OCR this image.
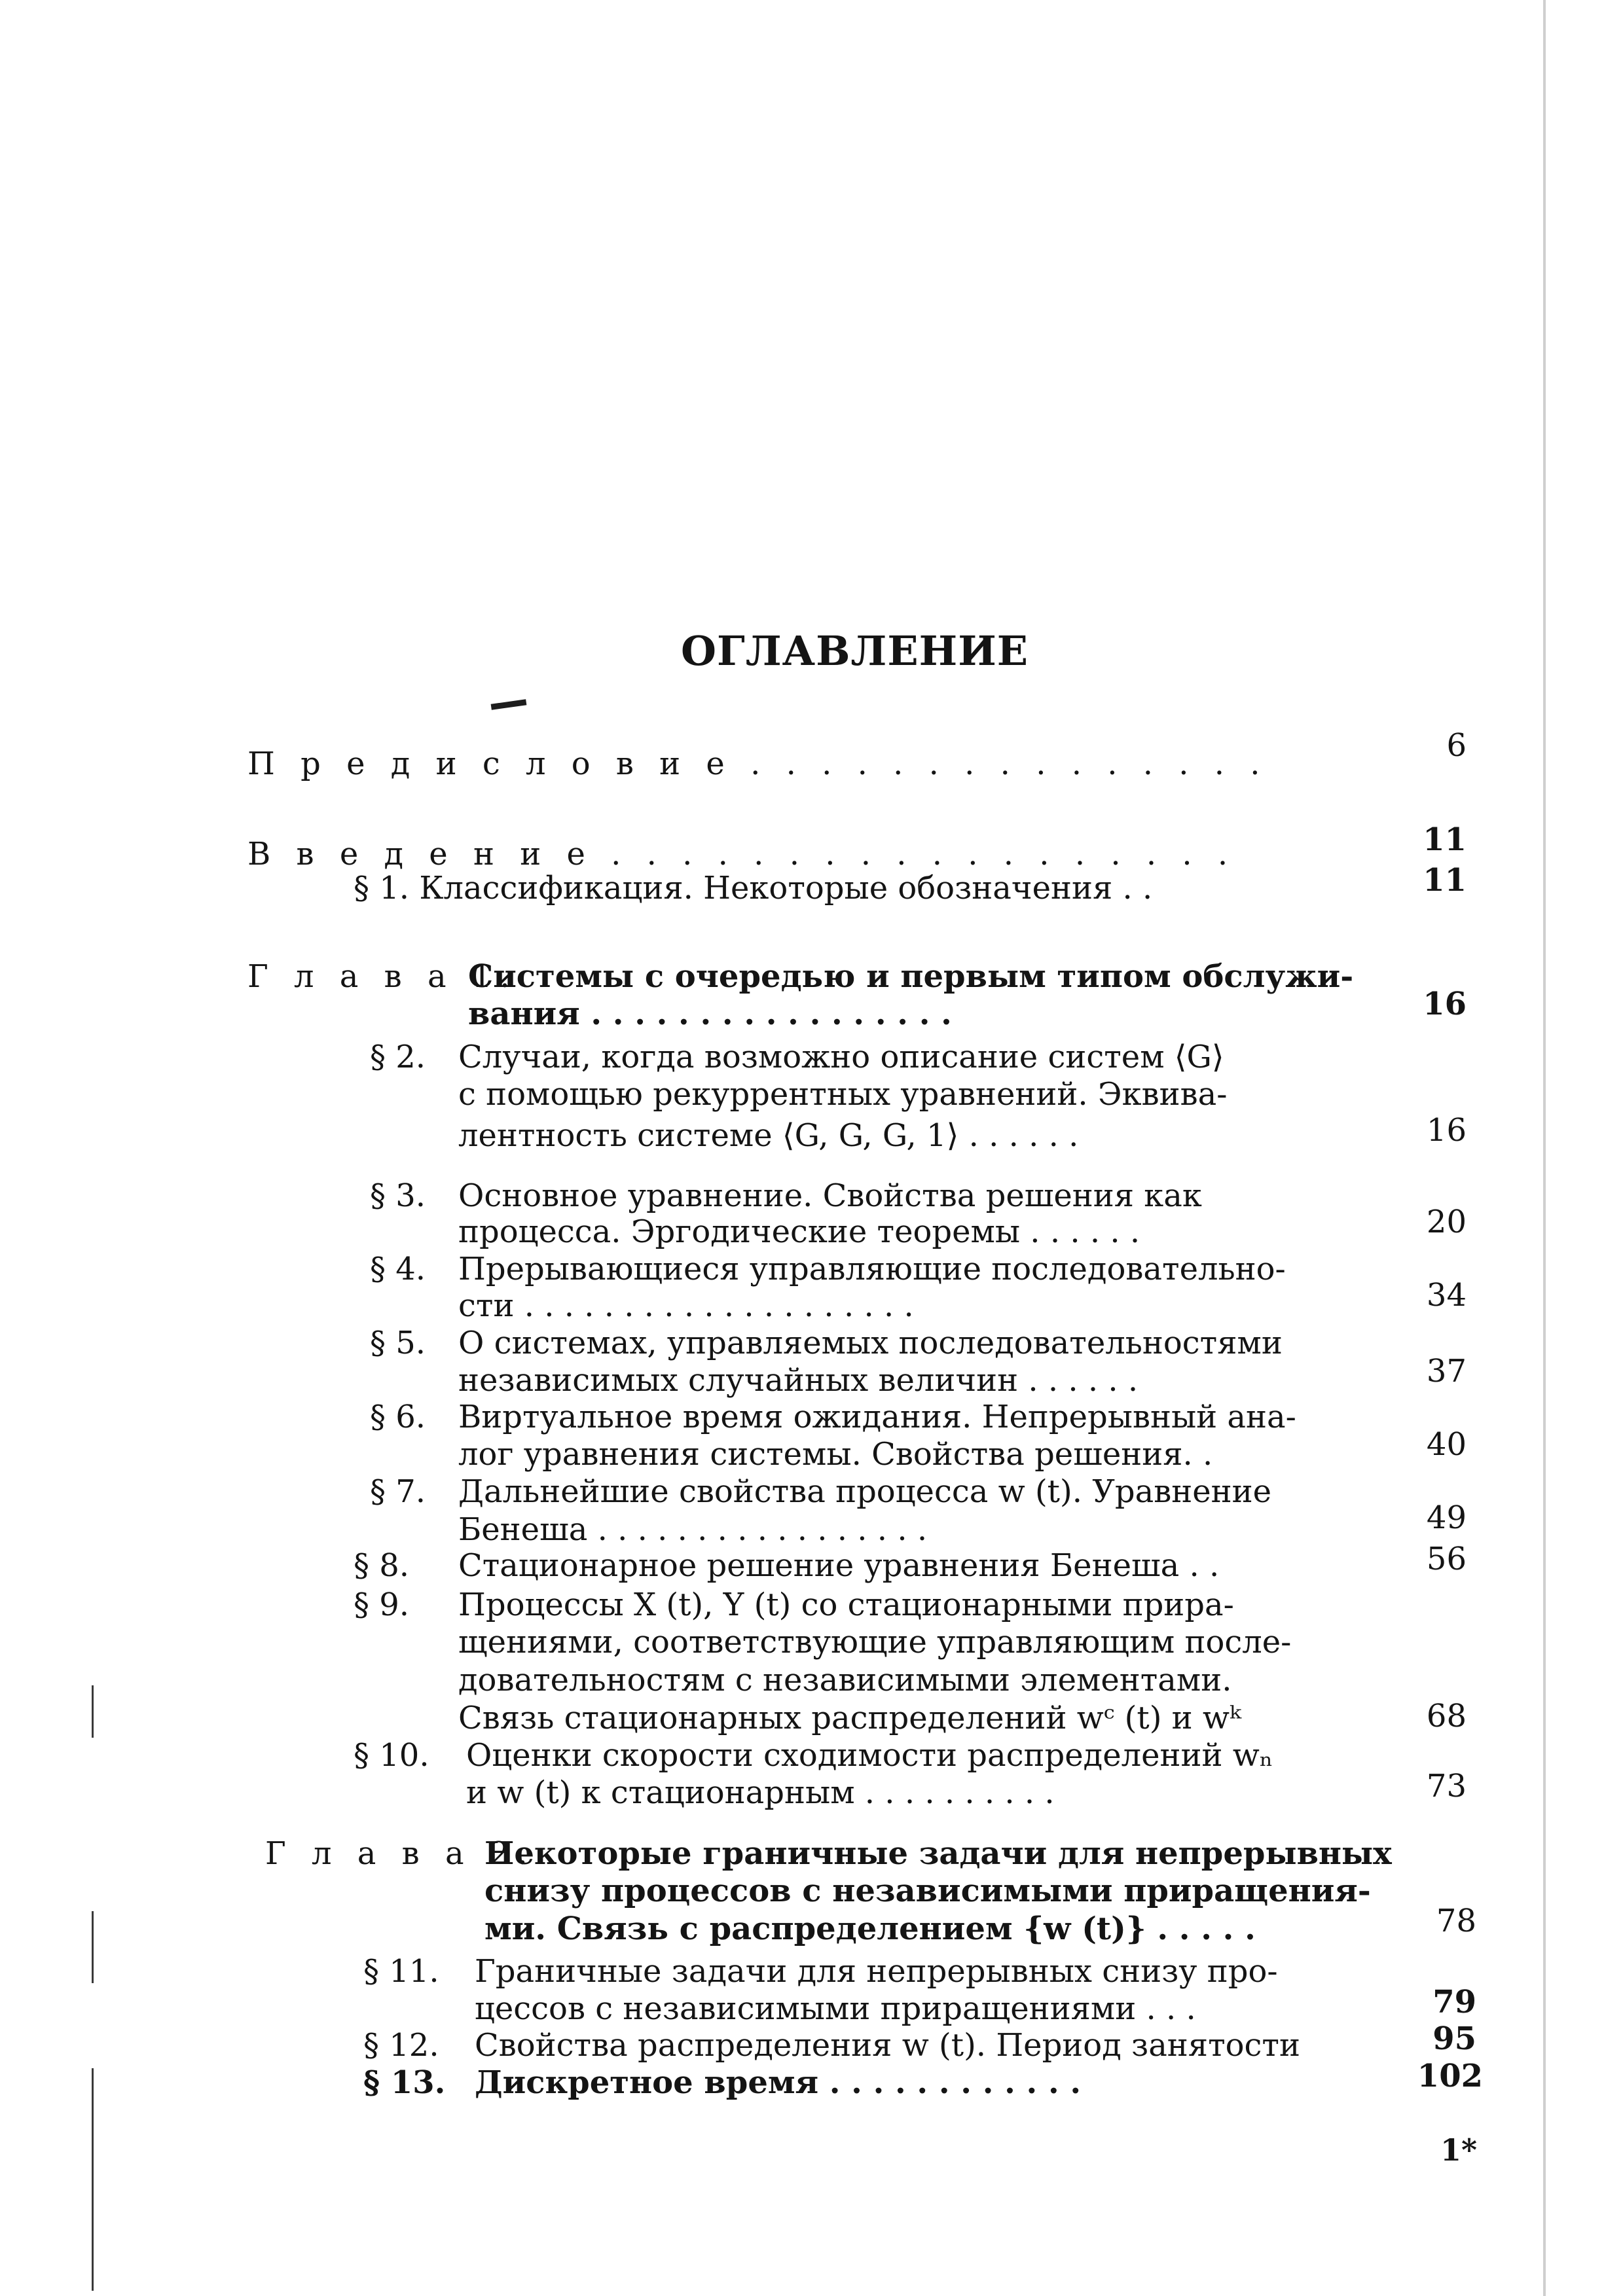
ОГЛАВЛЕНИЕ
П р е д и с л о в и е . . . . . . . . . . . . . . .	6
В в е д е н и е . . . . . . . . . . . . . . . . . .	11
§ 1. Классификация. Некоторые обозначения . .	11
Г л а в а 1.
Системы с очередью и первым типом обслужи-
вания . . . . . . . . . . . . . . . . .	16
§ 2. Случаи, когда возможно описание систем ⟨G⟩
с помощью рекуррентных уравнений. Эквива-
лентность системе ⟨G, G, G, 1⟩ . . . . . .	16
§ 3. Основное уравнение. Свойства решения как
процесса. Эргодические теоремы . . . . . .	20
§ 4. Прерывающиеся управляющие последовательно-
сти . . . . . . . . . . . . . . . . . . . .	34
§ 5. О системах, управляемых последовательностями
независимых случайных величин . . . . . .	37
§ 6. Виртуальное время ожидания. Непрерывный ана-
лог уравнения системы. Свойства решения. .	40
§ 7. Дальнейшие свойства процесса w (t). Уравнение
Бенеша . . . . . . . . . . . . . . . . .	49
§ 8. Стационарное решение уравнения Бенеша . .	56
§ 9. Процессы X (t), Y (t) со стационарными прира-
щениями, соответствующие управляющим после-
довательностям с независимыми элементами.
Связь стационарных распределений wᶜ (t) и wᵏ	68
§ 10. Оценки скорости сходимости распределений wₙ
и w (t) к стационарным . . . . . . . . . .	73
Г л а в а 2.
Некоторые граничные задачи для непрерывных
снизу процессов с независимыми приращения-
ми. Связь с распределением {w (t)} . . . . .	78
§ 11. Граничные задачи для непрерывных снизу про-
цессов с независимыми приращениями . . .	79
§ 12. Свойства распределения w (t). Период занятости	95
§ 13. Дискретное время . . . . . . . . . . . .	102
1*
